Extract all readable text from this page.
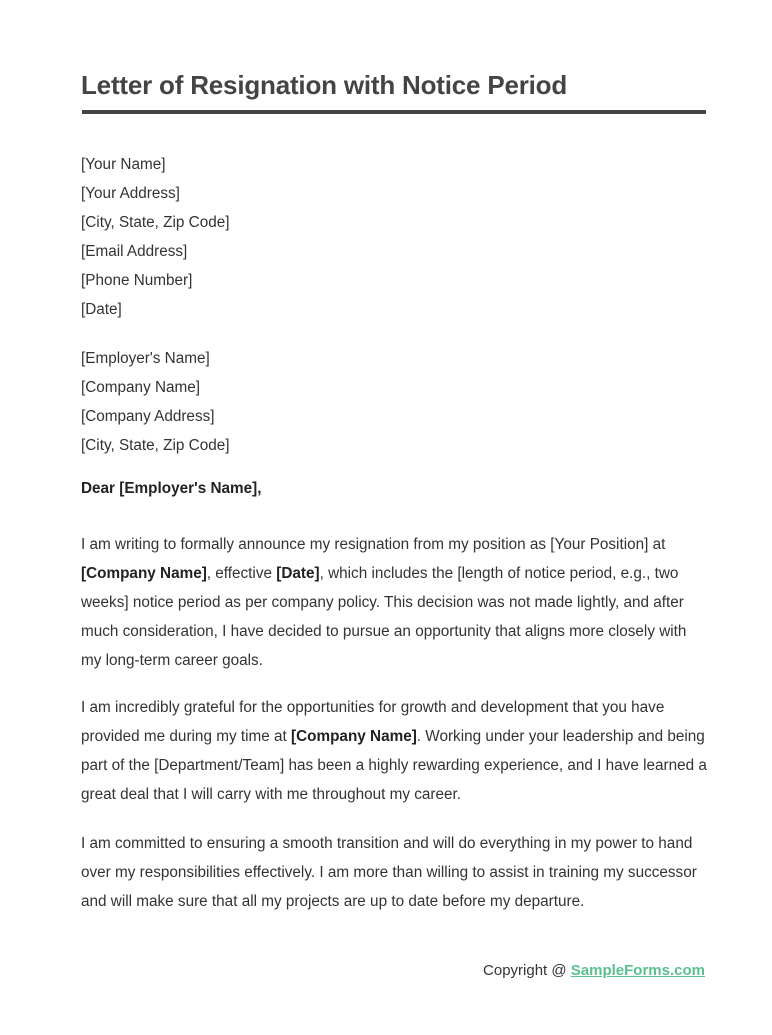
Letter of Resignation with Notice Period
[Your Name]
[Your Address]
[City, State, Zip Code]
[Email Address]
[Phone Number]
[Date]
[Employer's Name]
[Company Name]
[Company Address]
[City, State, Zip Code]
Dear [Employer's Name],

I am writing to formally announce my resignation from my position as [Your Position] at [Company Name], effective [Date], which includes the [length of notice period, e.g., two weeks] notice period as per company policy. This decision was not made lightly, and after much consideration, I have decided to pursue an opportunity that aligns more closely with my long-term career goals.

I am incredibly grateful for the opportunities for growth and development that you have provided me during my time at [Company Name]. Working under your leadership and being part of the [Department/Team] has been a highly rewarding experience, and I have learned a great deal that I will carry with me throughout my career.

I am committed to ensuring a smooth transition and will do everything in my power to hand over my responsibilities effectively. I am more than willing to assist in training my successor and will make sure that all my projects are up to date before my departure.

Copyright @ SampleForms.com
